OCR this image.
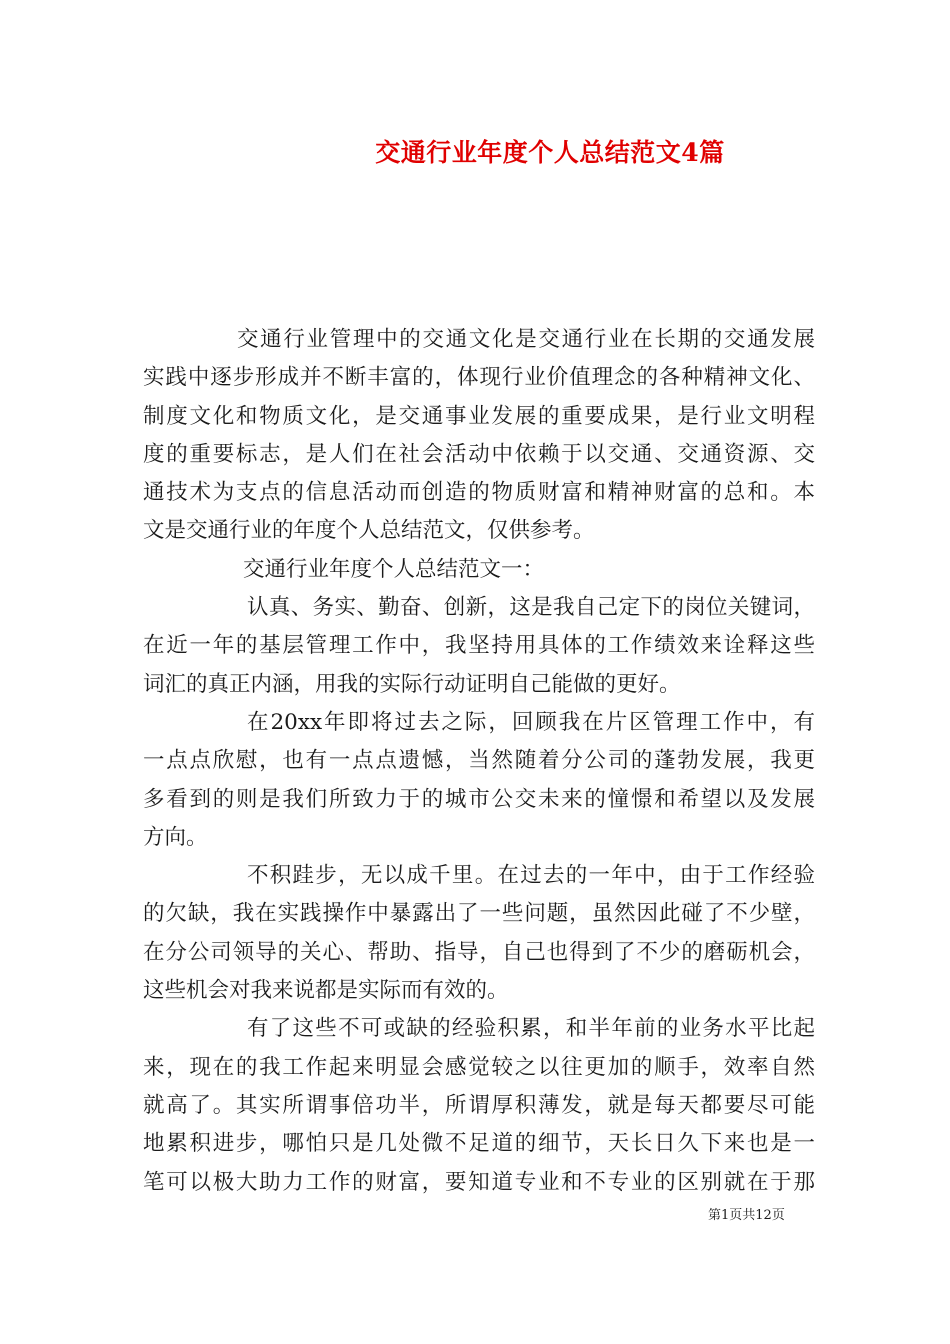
交通行业年度个人总结范文4篇
交通行业管理中的交通文化是交通行业在长期的交通发展
实践中逐步形成并不断丰富的，体现行业价值理念的各种精神文化、
制度文化和物质文化，是交通事业发展的重要成果，是行业文明程
度的重要标志，是人们在社会活动中依赖于以交通、交通资源、交
通技术为支点的信息活动而创造的物质财富和精神财富的总和。本
文是交通行业的年度个人总结范文，仅供参考。
交通行业年度个人总结范文一：
认真、务实、勤奋、创新，这是我自己定下的岗位关键词，
在近一年的基层管理工作中，我坚持用具体的工作绩效来诠释这些
词汇的真正内涵，用我的实际行动证明自己能做的更好。
在20xx年即将过去之际，回顾我在片区管理工作中，有
一点点欣慰，也有一点点遗憾，当然随着分公司的蓬勃发展，我更
多看到的则是我们所致力于的城市公交未来的憧憬和希望以及发展
方向。
不积跬步，无以成千里。在过去的一年中，由于工作经验
的欠缺，我在实践操作中暴露出了一些问题，虽然因此碰了不少壁，
在分公司领导的关心、帮助、指导，自己也得到了不少的磨砺机会，
这些机会对我来说都是实际而有效的。
有了这些不可或缺的经验积累，和半年前的业务水平比起
来，现在的我工作起来明显会感觉较之以往更加的顺手，效率自然
就高了。其实所谓事倍功半，所谓厚积薄发，就是每天都要尽可能
地累积进步，哪怕只是几处微不足道的细节，天长日久下来也是一
笔可以极大助力工作的财富，要知道专业和不专业的区别就在于那
第1页共12页
